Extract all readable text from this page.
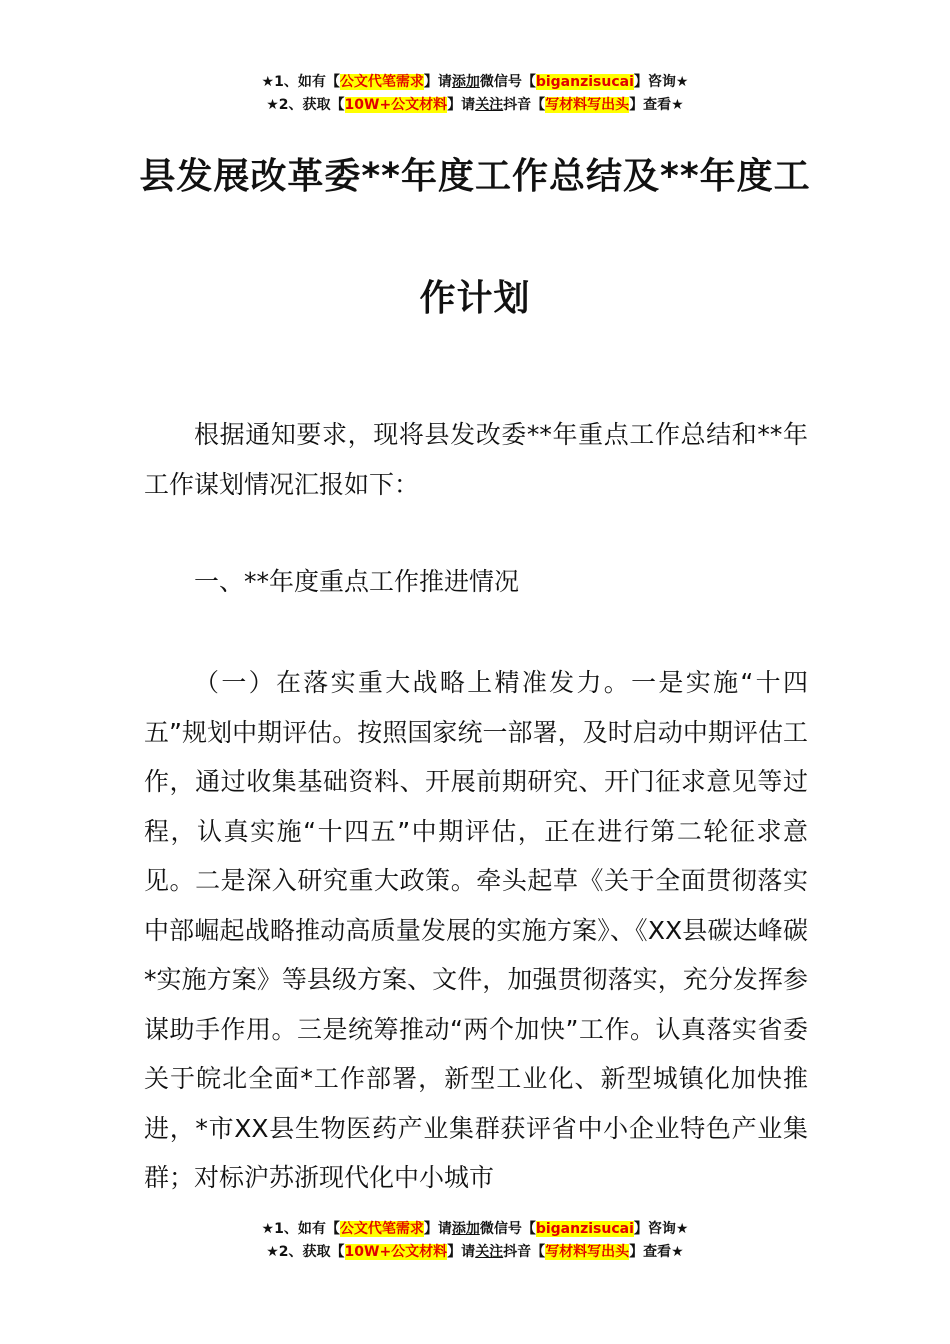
★1、如有【公文代笔需求】请添加微信号【biganzisucai】咨询★
★2、获取【10W+公文材料】请关注抖音【写材料写出头】查看★
县发展改革委**年度工作总结及**年度工
作计划

根据通知要求，现将县发改委**年重点工作总结和**年工作谋划情况汇报如下：

一、**年度重点工作推进情况

（一）在落实重大战略上精准发力。一是实施“十四五”规划中期评估。按照国家统一部署，及时启动中期评估工作，通过收集基础资料、开展前期研究、开门征求意见等过程，认真实施“十四五”中期评估，正在进行第二轮征求意见。二是深入研究重大政策。牵头起草《关于全面贯彻落实中部崛起战略推动高质量发展的实施方案》、《XX县碳达峰碳*实施方案》等县级方案、文件，加强贯彻落实，充分发挥参谋助手作用。三是统筹推动“两个加快”工作。认真落实省委关于皖北全面*工作部署，新型工业化、新型城镇化加快推进，*市XX县生物医药产业集群获评省中小企业特色产业集群；对标沪苏浙现代化中小城市

★1、如有【公文代笔需求】请添加微信号【biganzisucai】咨询★
★2、获取【10W+公文材料】请关注抖音【写材料写出头】查看★
